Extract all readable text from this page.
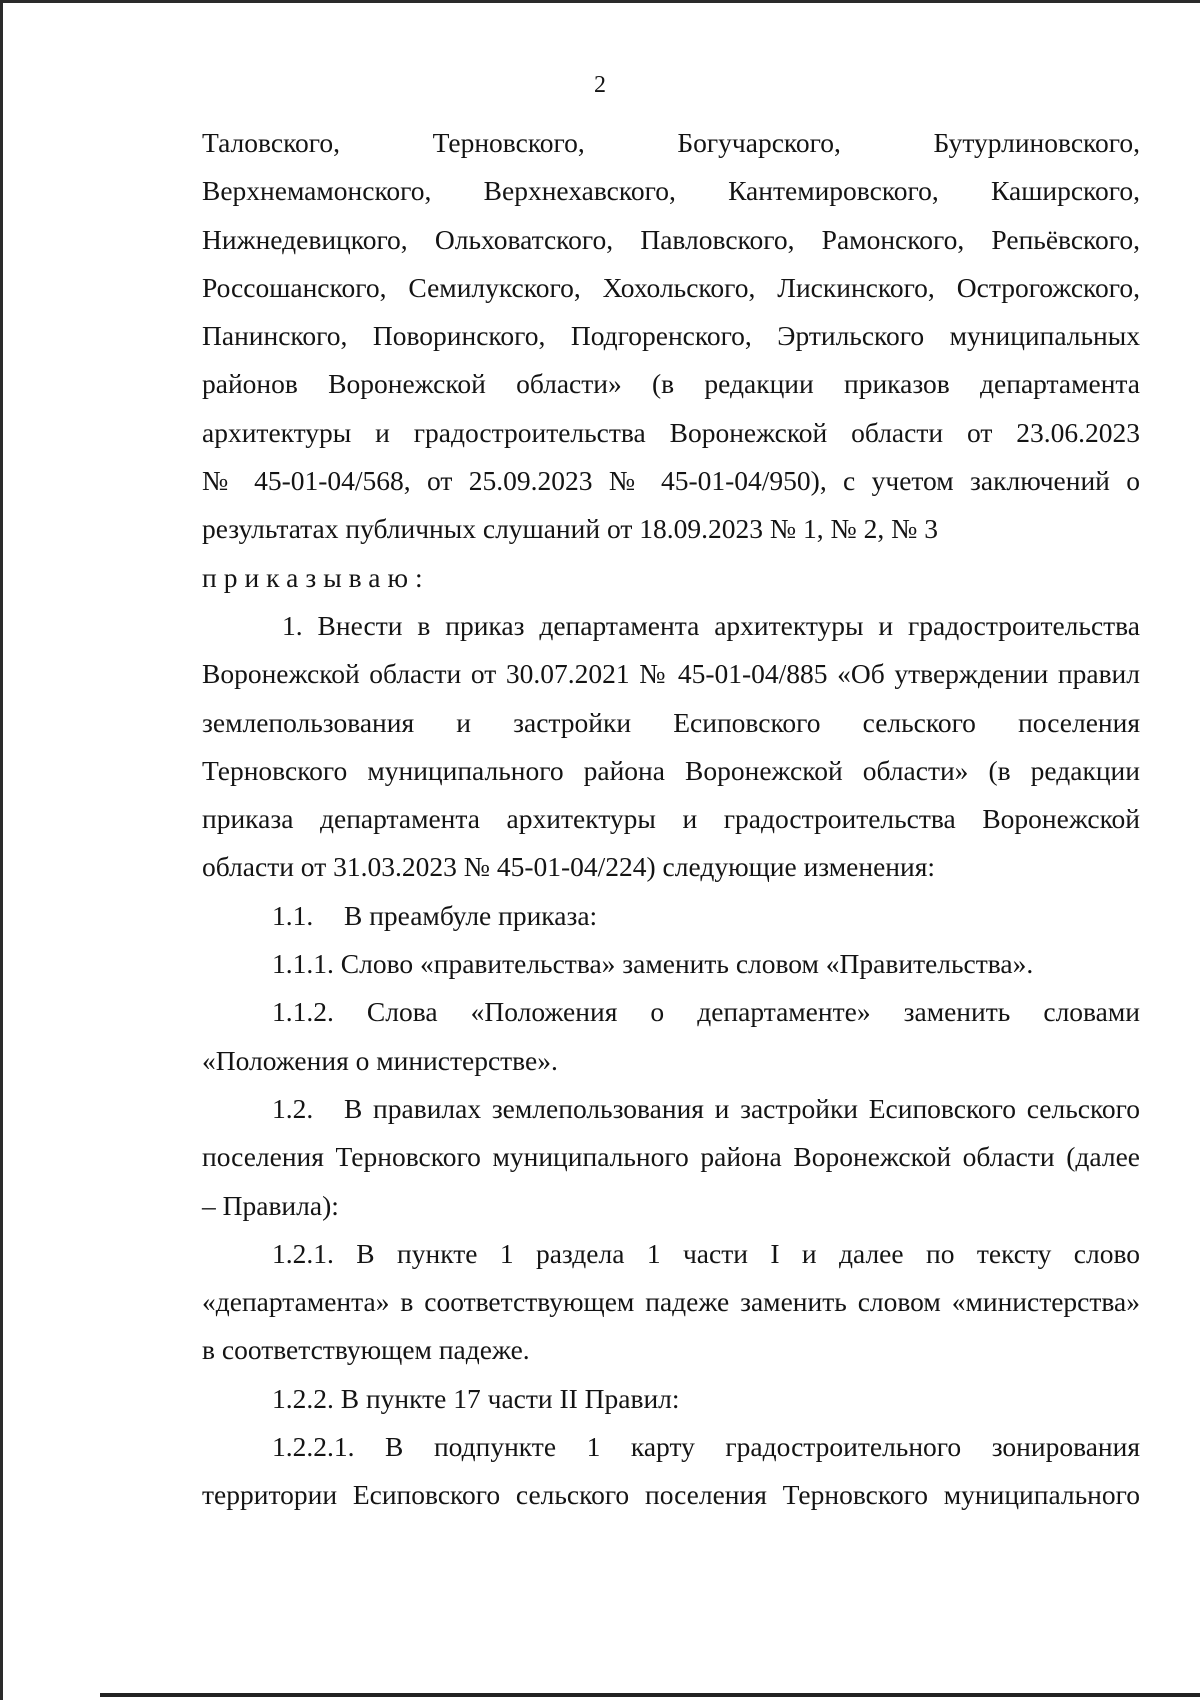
2
Таловского, Терновского, Богучарского, Бутурлиновского,
Верхнемамонского, Верхнехавского, Кантемировского, Каширского,
Нижнедевицкого, Ольховатского, Павловского, Рамонского, Репьёвского,
Россошанского, Семилукского, Хохольского, Лискинского, Острогожского,
Панинского, Поворинского, Подгоренского, Эртильского муниципальных
районов Воронежской области» (в редакции приказов департамента
архитектуры и градостроительства Воронежской области от 23.06.2023
№ 45-01-04/568, от 25.09.2023 № 45-01-04/950), с учетом заключений о
результатах публичных слушаний от 18.09.2023 № 1, № 2, № 3
приказываю:
1. Внести в приказ департамента архитектуры и градостроительства
Воронежской области от 30.07.2021 № 45-01-04/885 «Об утверждении правил
землепользования и застройки Есиповского сельского поселения
Терновского муниципального района Воронежской области» (в редакции
приказа департамента архитектуры и градостроительства Воронежской
области от 31.03.2023 № 45-01-04/224) следующие изменения:
1.1. В преамбуле приказа:
1.1.1. Слово «правительства» заменить словом «Правительства».
1.1.2. Слова «Положения о департаменте» заменить словами
«Положения о министерстве».
1.2. В правилах землепользования и застройки Есиповского сельского
поселения Терновского муниципального района Воронежской области (далее
– Правила):
1.2.1. В пункте 1 раздела 1 части I и далее по тексту слово
«департамента» в соответствующем падеже заменить словом «министерства»
в соответствующем падеже.
1.2.2. В пункте 17 части II Правил:
1.2.2.1. В подпункте 1 карту градостроительного зонирования
территории Есиповского сельского поселения Терновского муниципального
